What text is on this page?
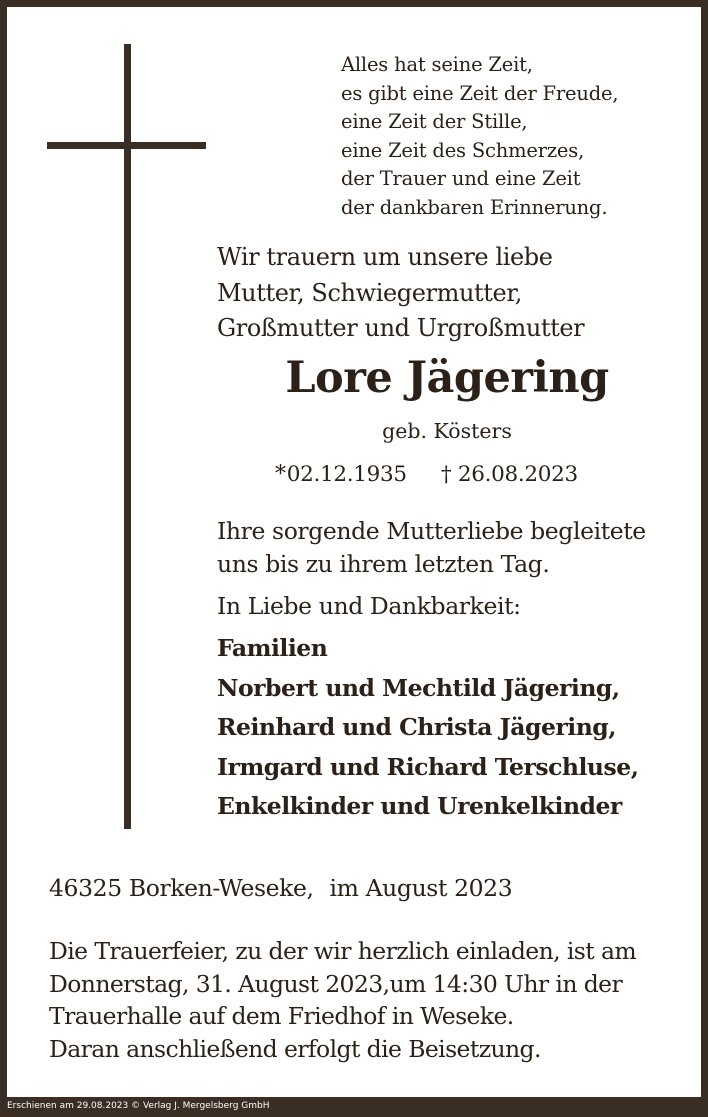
Alles hat seine Zeit,
es gibt eine Zeit der Freude,
eine Zeit der Stille,
eine Zeit des Schmerzes,
der Trauer und eine Zeit
der dankbaren Erinnerung.
Wir trauern um unsere liebe
Mutter, Schwiegermutter,
Großmutter und Urgroßmutter
Lore Jägering
geb. Kösters
*02.12.1935 † 26.08.2023
Ihre sorgende Mutterliebe begleitete
uns bis zu ihrem letzten Tag.
In Liebe und Dankbarkeit:
Familien
Norbert und Mechtild Jägering,
Reinhard und Christa Jägering,
Irmgard und Richard Terschluse,
Enkelkinder und Urenkelkinder
46325 Borken-Weseke, im August 2023
Die Trauerfeier, zu der wir herzlich einladen, ist am
Donnerstag, 31. August 2023,um 14:30 Uhr in der
Trauerhalle auf dem Friedhof in Weseke.
Daran anschließend erfolgt die Beisetzung.
Erschienen am 29.08.2023 © Verlag J. Mergelsberg GmbH
